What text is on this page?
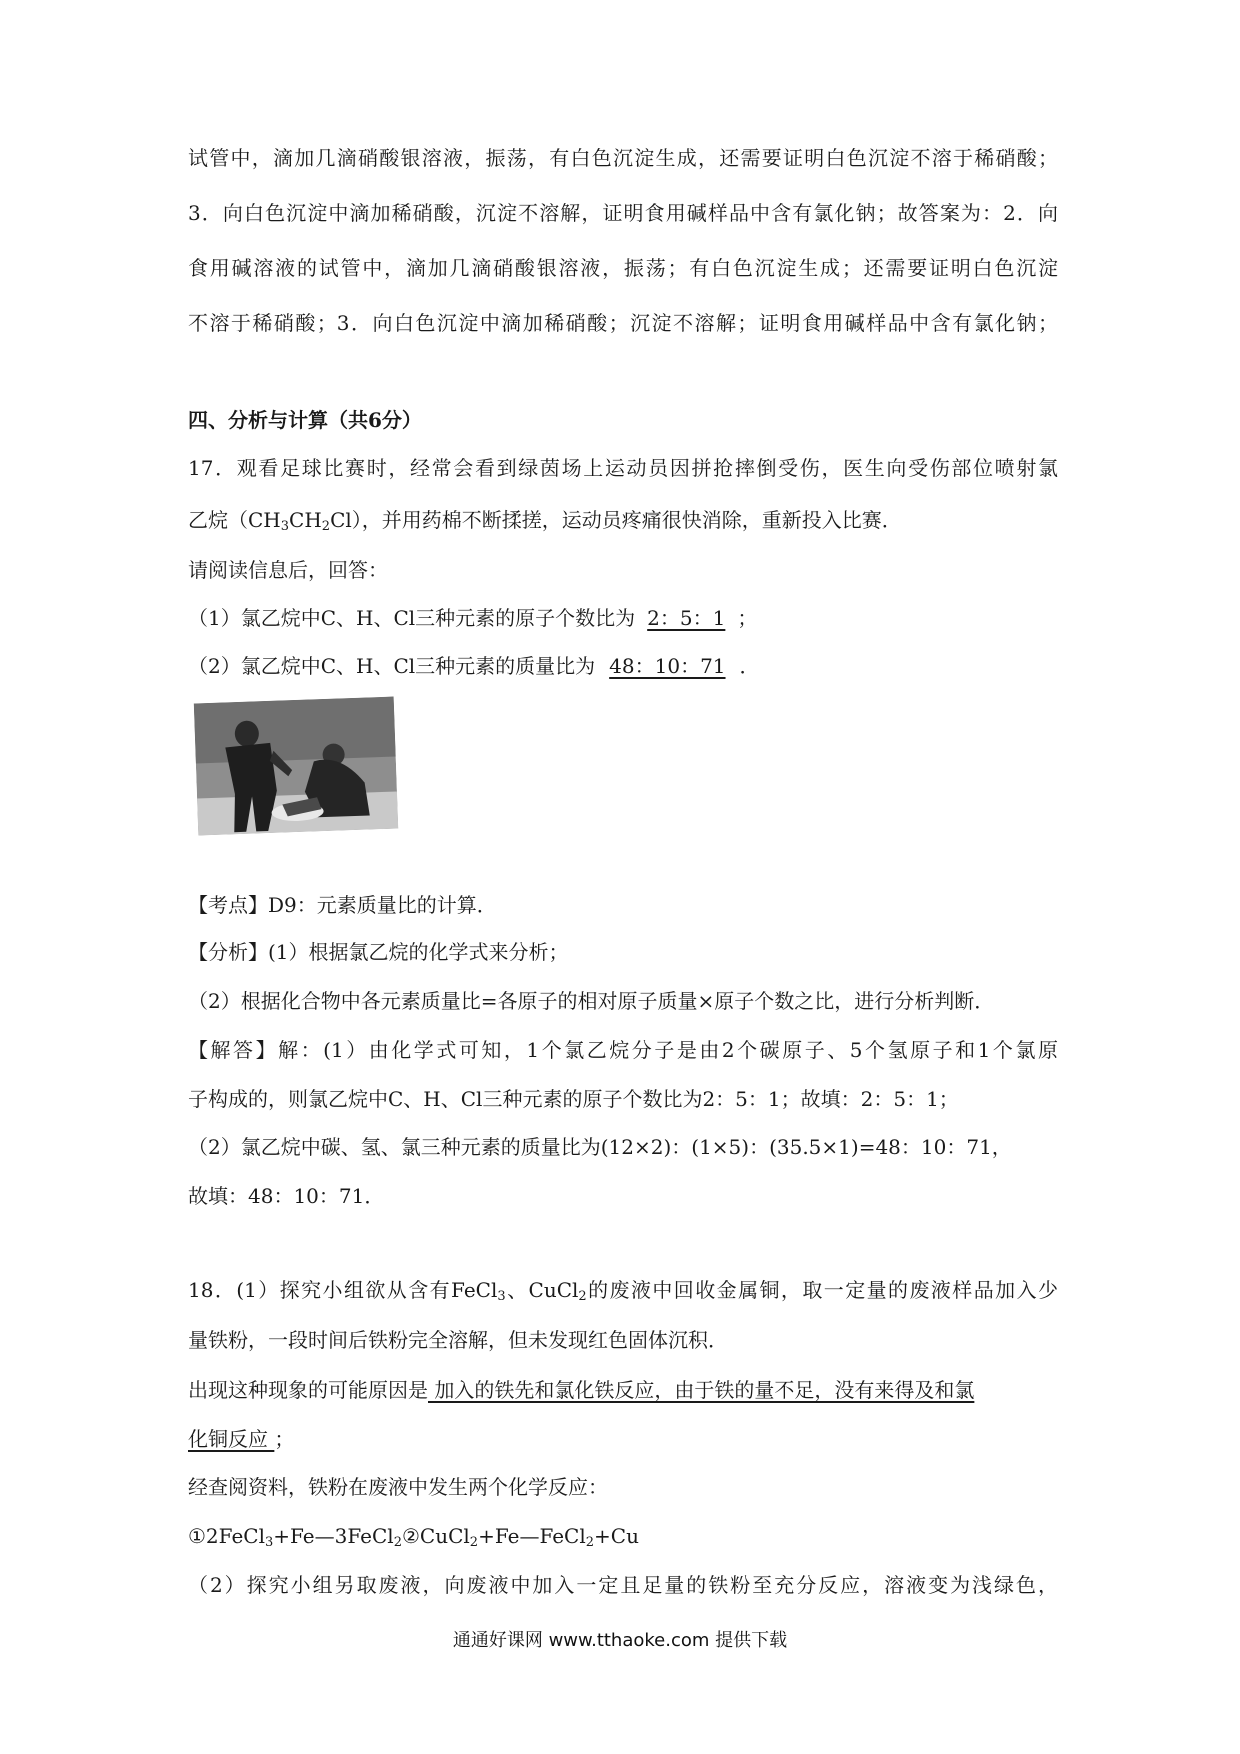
试管中，滴加几滴硝酸银溶液，振荡，有白色沉淀生成，还需要证明白色沉淀不溶于稀硝酸；
3．向白色沉淀中滴加稀硝酸，沉淀不溶解，证明食用碱样品中含有氯化钠；故答案为：2．向
食用碱溶液的试管中，滴加几滴硝酸银溶液，振荡；有白色沉淀生成；还需要证明白色沉淀
不溶于稀硝酸；3．向白色沉淀中滴加稀硝酸；沉淀不溶解；证明食用碱样品中含有氯化钠；
四、分析与计算（共6分）
17．观看足球比赛时，经常会看到绿茵场上运动员因拼抢摔倒受伤，医生向受伤部位喷射氯
乙烷$(CH_3CH_2Cl)$，并用药棉不断揉搓，运动员疼痛很快消除，重新投入比赛．
请阅读信息后，回答：
（1）氯乙烷中C、H、Cl三种元素的原子个数比为 2：5：1 ；
（2）氯乙烷中C、H、Cl三种元素的质量比为 48：10：71 ．
【考点】D9：元素质量比的计算．
【分析】(1）根据氯乙烷的化学式来分析；
（2）根据化合物中各元素质量比=各原子的相对原子质量×原子个数之比，进行分析判断．
【解答】解：(1）由化学式可知，1个氯乙烷分子是由2个碳原子、5个氢原子和1个氯原
子构成的，则氯乙烷中C、H、Cl三种元素的原子个数比为2：5：1；故填：2：5：1；
（2）氯乙烷中碳、氢、氯三种元素的质量比为(12×2)：(1×5)：(35.5×1)=48：10：71，
故填：48：10：71．
18．(1）探究小组欲从含有FeCl$_3$、CuCl$_2$的废液中回收金属铜，取一定量的废液样品加入少
量铁粉，一段时间后铁粉完全溶解，但未发现红色固体沉积．
出现这种现象的可能原因是 加入的铁先和氯化铁反应，由于铁的量不足，没有来得及和氯
化铜反应 ；
经查阅资料，铁粉在废液中发生两个化学反应：
①2FeCl$_3$+Fe—3FeCl$_2$②CuCl$_2$+Fe—FeCl$_2$+Cu
（2）探究小组另取废液，向废液中加入一定且足量的铁粉至充分反应，溶液变为浅绿色，
通通好课网 www.tthaoke.com 提供下载
